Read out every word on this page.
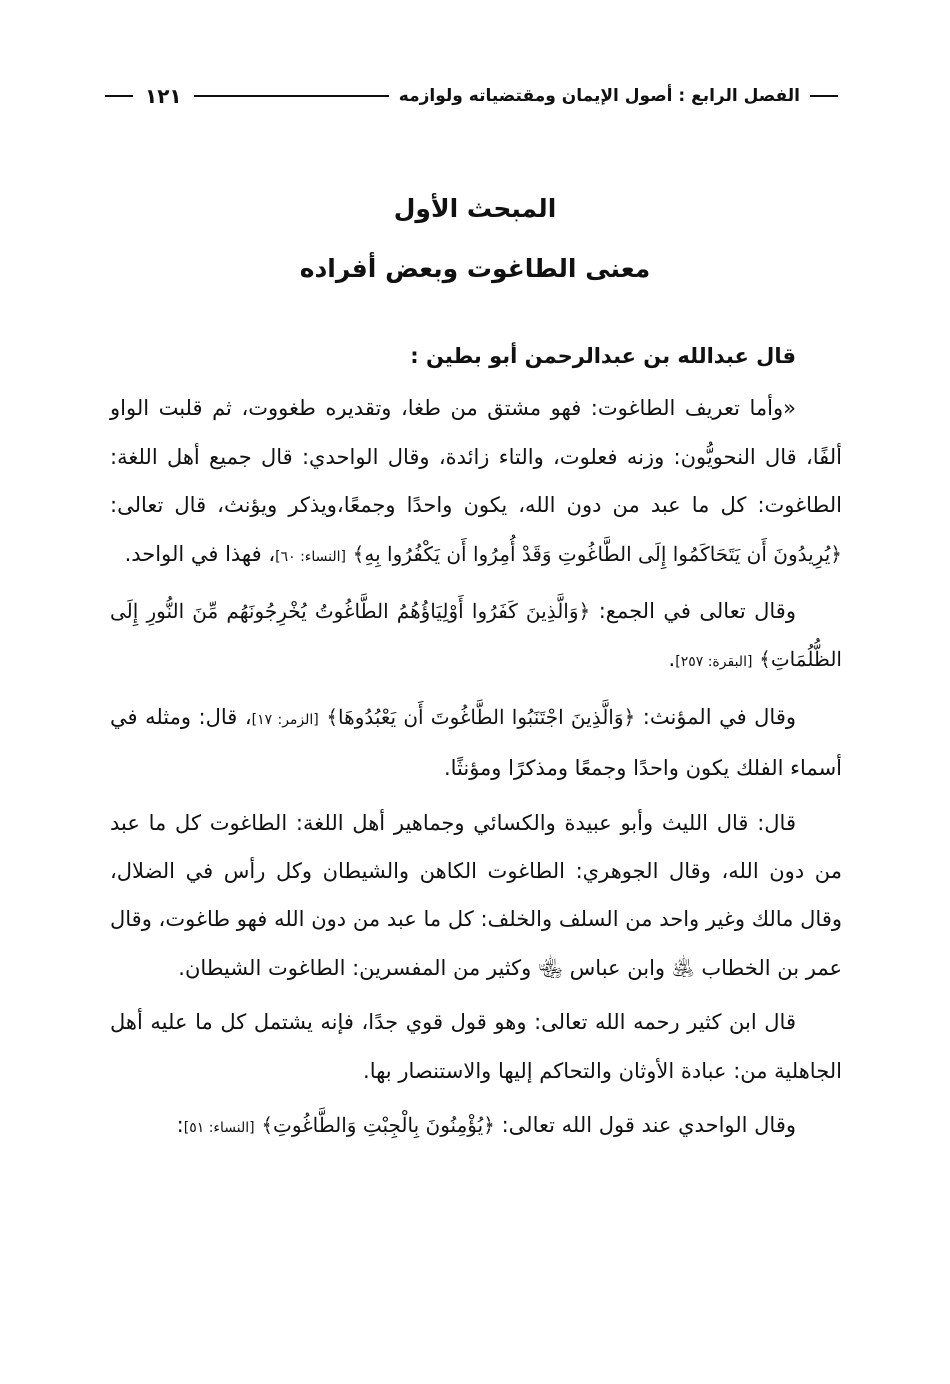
الفصل الرابع : أصول الإيمان ومقتضياته ولوازمه
١٢١
المبحث الأول
معنى الطاغوت وبعض أفراده

قال عبدالله بن عبدالرحمن أبو بطين :

«وأما تعريف الطاغوت: فهو مشتق من طغا، وتقديره طغووت، ثم قلبت الواو ألفًا، قال النحويُّون: وزنه فعلوت، والتاء زائدة، وقال الواحدي: قال جميع أهل اللغة: الطاغوت: كل ما عبد من دون الله، يكون واحدًا وجمعًا،ويذكر ويؤنث، قال تعالى: ﴿يُرِيدُونَ أَن يَتَحَاكَمُوا إِلَى الطَّاغُوتِ وَقَدْ أُمِرُوا أَن يَكْفُرُوا بِهِ﴾ [النساء: ٦٠]، فهذا في الواحد.

وقال تعالى في الجمع: ﴿وَالَّذِينَ كَفَرُوا أَوْلِيَاؤُهُمُ الطَّاغُوتُ يُخْرِجُونَهُم مِّنَ النُّورِ إِلَى الظُّلُمَاتِ﴾ [البقرة: ٢٥٧].

وقال في المؤنث: ﴿وَالَّذِينَ اجْتَنَبُوا الطَّاغُوتَ أَن يَعْبُدُوهَا﴾ [الزمر: ١٧]، قال: ومثله في أسماء الفلك يكون واحدًا وجمعًا ومذكرًا ومؤنثًا.

قال: قال الليث وأبو عبيدة والكسائي وجماهير أهل اللغة: الطاغوت كل ما عبد من دون الله، وقال الجوهري: الطاغوت الكاهن والشيطان وكل رأس في الضلال، وقال مالك وغير واحد من السلف والخلف: كل ما عبد من دون الله فهو طاغوت، وقال عمر بن الخطاب ﵁ وابن عباس ﵄ وكثير من المفسرين: الطاغوت الشيطان.

قال ابن كثير رحمه الله تعالى: وهو قول قوي جدًا، فإنه يشتمل كل ما عليه أهل الجاهلية من: عبادة الأوثان والتحاكم إليها والاستنصار بها.

وقال الواحدي عند قول الله تعالى: ﴿يُؤْمِنُونَ بِالْجِبْتِ وَالطَّاغُوتِ﴾ [النساء: ٥١]:
